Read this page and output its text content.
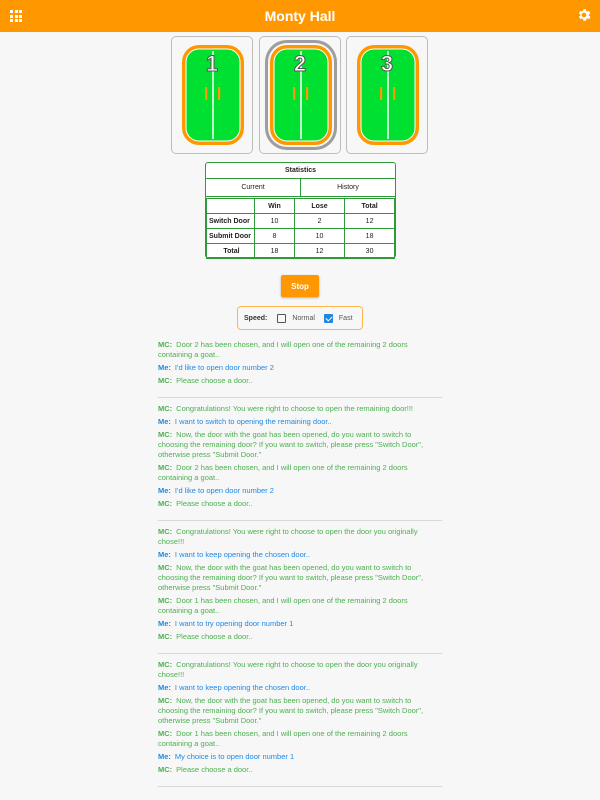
Monty Hall
1	2	3
Statistics
Current	History
	Win	Lose	Total
Switch Door	10	2	12
Submit Door	8	10	18
Total	18	12	30
Stop
Speed:	Normal	Fast
MC: Door 2 has been chosen, and I will open one of the remaining 2 doors containing a goat..
Me: I'd like to open door number 2
MC: Please choose a door..
MC: Congratulations! You were right to choose to open the remaining door!!!
Me: I want to switch to opening the remaining door..
MC: Now, the door with the goat has been opened, do you want to switch to choosing the remaining door? If you want to switch, please press "Switch Door", otherwise press "Submit Door."
MC: Door 2 has been chosen, and I will open one of the remaining 2 doors containing a goat..
Me: I'd like to open door number 2
MC: Please choose a door..
MC: Congratulations! You were right to choose to open the door you originally chose!!!
Me: I want to keep opening the chosen door..
MC: Now, the door with the goat has been opened, do you want to switch to choosing the remaining door? If you want to switch, please press "Switch Door", otherwise press "Submit Door."
MC: Door 1 has been chosen, and I will open one of the remaining 2 doors containing a goat..
Me: I want to try opening door number 1
MC: Please choose a door..
MC: Congratulations! You were right to choose to open the door you originally chose!!!
Me: I want to keep opening the chosen door..
MC: Now, the door with the goat has been opened, do you want to switch to choosing the remaining door? If you want to switch, please press "Switch Door", otherwise press "Submit Door."
MC: Door 1 has been chosen, and I will open one of the remaining 2 doors containing a goat..
Me: My choice is to open door number 1
MC: Please choose a door..
